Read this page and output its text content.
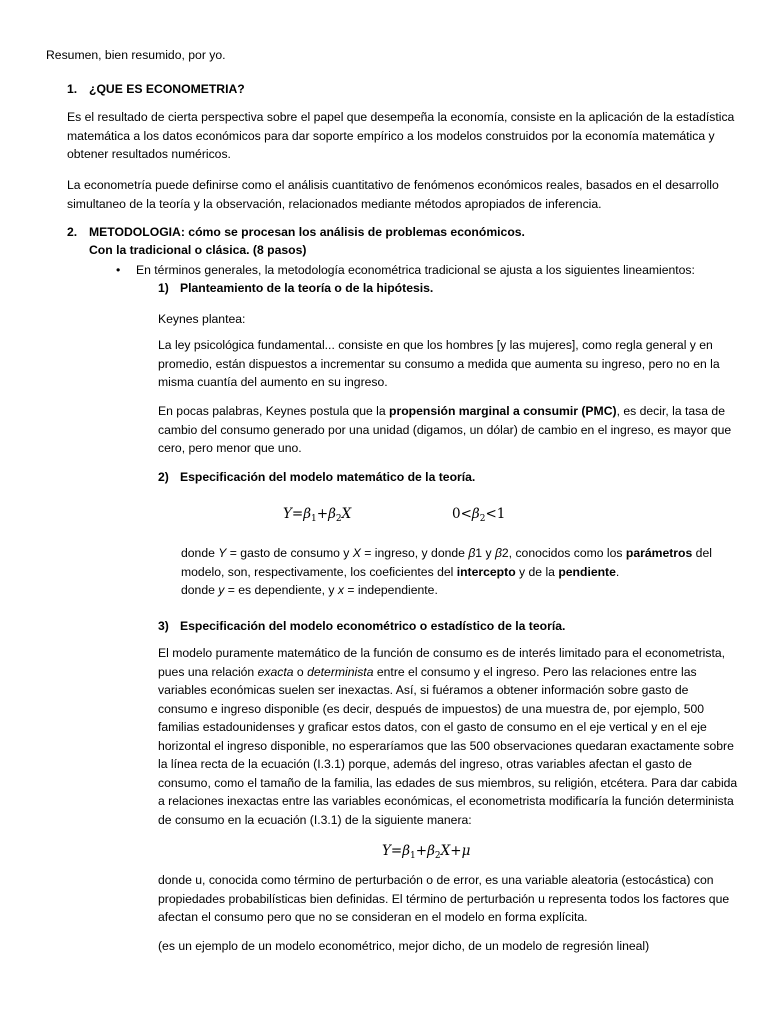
Resumen, bien resumido, por yo.

1. ¿QUE ES ECONOMETRIA?

Es el resultado de cierta perspectiva sobre el papel que desempeña la economía, consiste en la aplicación de la estadística matemática a los datos económicos para dar soporte empírico a los modelos construidos por la economía matemática y obtener resultados numéricos.

La econometría puede definirse como el análisis cuantitativo de fenómenos económicos reales, basados en el desarrollo simultaneo de la teoría y la observación, relacionados mediante métodos apropiados de inferencia.

2. METODOLOGIA: cómo se procesan los análisis de problemas económicos.

Con la tradicional o clásica. (8 pasos)

• En términos generales, la metodología econométrica tradicional se ajusta a los siguientes lineamientos:

1) Planteamiento de la teoría o de la hipótesis.

Keynes plantea:

La ley psicológica fundamental... consiste en que los hombres [y las mujeres], como regla general y en promedio, están dispuestos a incrementar su consumo a medida que aumenta su ingreso, pero no en la misma cuantía del aumento en su ingreso.

En pocas palabras, Keynes postula que la propensión marginal a consumir (PMC), es decir, la tasa de cambio del consumo generado por una unidad (digamos, un dólar) de cambio en el ingreso, es mayor que cero, pero menor que uno.

2) Especificación del modelo matemático de la teoría.

$Y=\beta_1+\beta_2X$	$0<\beta_2<1$

donde Y = gasto de consumo y X = ingreso, y donde β1 y β2, conocidos como los parámetros del modelo, son, respectivamente, los coeficientes del intercepto y de la pendiente.
donde y = es dependiente, y x = independiente.

3) Especificación del modelo econométrico o estadístico de la teoría.

El modelo puramente matemático de la función de consumo es de interés limitado para el econometrista, pues una relación exacta o determinista entre el consumo y el ingreso. Pero las relaciones entre las variables económicas suelen ser inexactas. Así, si fuéramos a obtener información sobre gasto de consumo e ingreso disponible (es decir, después de impuestos) de una muestra de, por ejemplo, 500 familias estadounidenses y graficar estos datos, con el gasto de consumo en el eje vertical y en el eje horizontal el ingreso disponible, no esperaríamos que las 500 observaciones quedaran exactamente sobre la línea recta de la ecuación (I.3.1) porque, además del ingreso, otras variables afectan el gasto de consumo, como el tamaño de la familia, las edades de sus miembros, su religión, etcétera. Para dar cabida a relaciones inexactas entre las variables económicas, el econometrista modificaría la función determinista de consumo en la ecuación (I.3.1) de la siguiente manera:

$Y=\beta_1+\beta_2X+\mu$

donde u, conocida como término de perturbación o de error, es una variable aleatoria (estocástica) con propiedades probabilísticas bien definidas. El término de perturbación u representa todos los factores que afectan el consumo pero que no se consideran en el modelo en forma explícita.

(es un ejemplo de un modelo econométrico, mejor dicho, de un modelo de regresión lineal)
